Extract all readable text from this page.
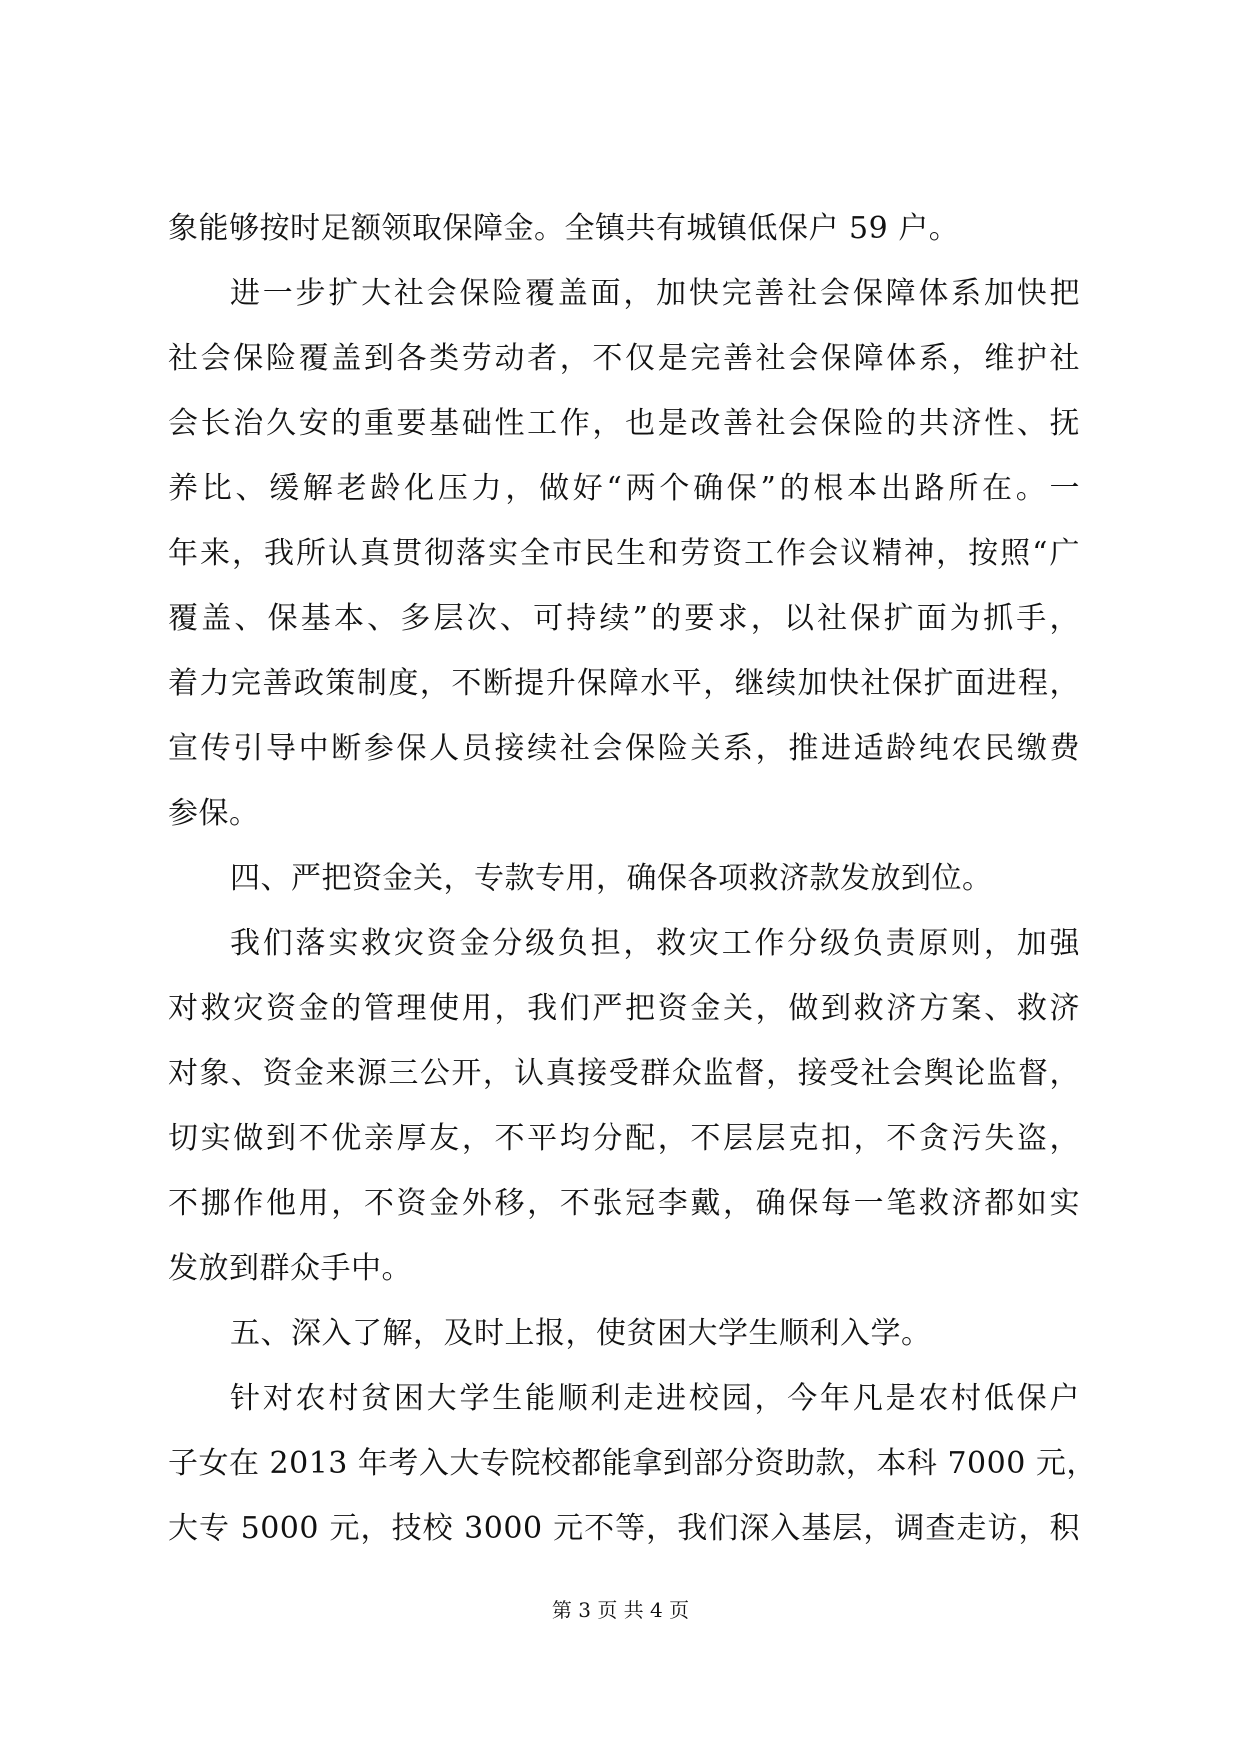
象能够按时足额领取保障金。全镇共有城镇低保户 59 户。
进一步扩大社会保险覆盖面，加快完善社会保障体系加快把
社会保险覆盖到各类劳动者，不仅是完善社会保障体系，维护社
会长治久安的重要基础性工作，也是改善社会保险的共济性、抚
养比、缓解老龄化压力，做好“两个确保”的根本出路所在。一
年来，我所认真贯彻落实全市民生和劳资工作会议精神，按照“广
覆盖、保基本、多层次、可持续”的要求，以社保扩面为抓手，
着力完善政策制度，不断提升保障水平，继续加快社保扩面进程，
宣传引导中断参保人员接续社会保险关系，推进适龄纯农民缴费
参保。
四、严把资金关，专款专用，确保各项救济款发放到位。
我们落实救灾资金分级负担，救灾工作分级负责原则，加强
对救灾资金的管理使用，我们严把资金关，做到救济方案、救济
对象、资金来源三公开，认真接受群众监督，接受社会舆论监督，
切实做到不优亲厚友，不平均分配，不层层克扣，不贪污失盗，
不挪作他用，不资金外移，不张冠李戴，确保每一笔救济都如实
发放到群众手中。
五、深入了解，及时上报，使贫困大学生顺利入学。
针对农村贫困大学生能顺利走进校园，今年凡是农村低保户
子女在 2013 年考入大专院校都能拿到部分资助款，本科 7000 元，
大专 5000 元，技校 3000 元不等，我们深入基层，调查走访，积
第 3 页 共 4 页
